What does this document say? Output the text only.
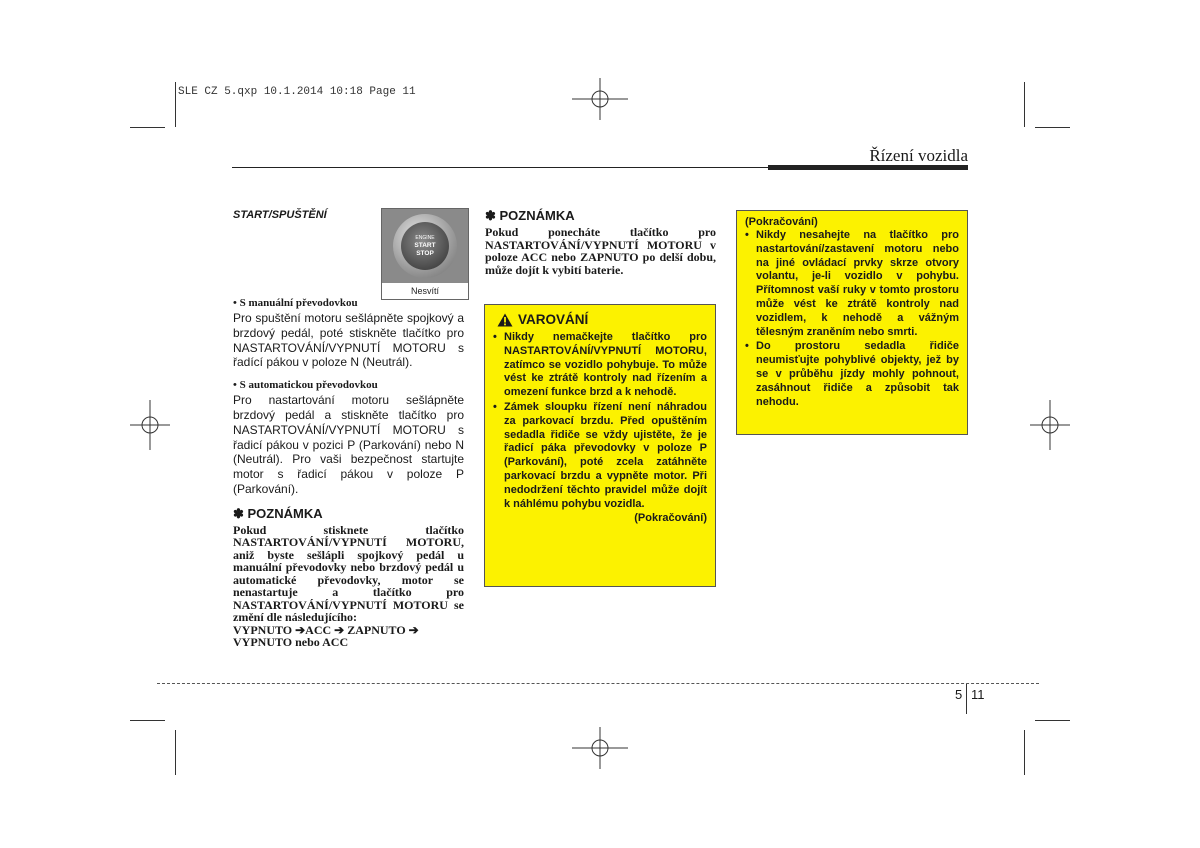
SLE CZ 5.qxp 10.1.2014 10:18 Page 11
Řízení vozidla
START/SPUŠTĚNÍ
ENGINE
START
STOP
Nesvítí
• S manuální převodovkou
Pro spuštění motoru sešlápněte spojkový a brzdový pedál, poté stiskněte tlačítko pro NASTARTOVÁNÍ/VYPNUTÍ MOTORU s řadící pákou v poloze N (Neutrál).
• S automatickou převodovkou
Pro nastartování motoru sešlápněte brzdový pedál a stiskněte tlačítko pro NASTARTOVÁNÍ/VYPNUTÍ MOTORU s řadicí pákou v pozici P (Parkování) nebo N (Neutrál). Pro vaši bezpečnost startujte motor s řadicí pákou v poloze P (Parkování).
✽ POZNÁMKA
Pokud stisknete tlačítko NASTARTOVÁNÍ/VYPNUTÍ MOTORU, aniž byste sešlápli spojkový pedál u manuální převodovky nebo brzdový pedál u automatické převodovky, motor se nenastartuje a tlačítko pro NASTARTOVÁNÍ/VYPNUTÍ MOTORU se změní dle následujícího:
VYPNUTO ➔ACC ➔ ZAPNUTO ➔
VYPNUTO nebo ACC
✽ POZNÁMKA
Pokud ponecháte tlačítko pro NASTARTOVÁNÍ/VYPNUTÍ MOTORU v poloze ACC nebo ZAPNUTO po delší dobu, může dojít k vybití baterie.
VAROVÁNÍ
• Nikdy nemačkejte tlačítko pro NASTARTOVÁNÍ/VYPNUTÍ MOTORU, zatímco se vozidlo pohybuje. To může vést ke ztrátě kontroly nad řízením a omezení funkce brzd a k nehodě.
• Zámek sloupku řízení není náhradou za parkovací brzdu. Před opuštěním sedadla řidiče se vždy ujistěte, že je řadicí páka převodovky v poloze P (Parkování), poté zcela zatáhněte parkovací brzdu a vypněte motor. Při nedodržení těchto pravidel může dojít k náhlému pohybu vozidla.
(Pokračování)
(Pokračování)
• Nikdy nesahejte na tlačítko pro nastartování/zastavení motoru nebo na jiné ovládací prvky skrze otvory volantu, je-li vozidlo v pohybu. Přítomnost vaší ruky v tomto prostoru může vést ke ztrátě kontroly nad vozidlem, k nehodě a vážným tělesným zraněním nebo smrti.
• Do prostoru sedadla řidiče neumisťujte pohyblivé objekty, jež by se v průběhu jízdy mohly pohnout, zasáhnout řidiče a způsobit tak nehodu.
5 11
